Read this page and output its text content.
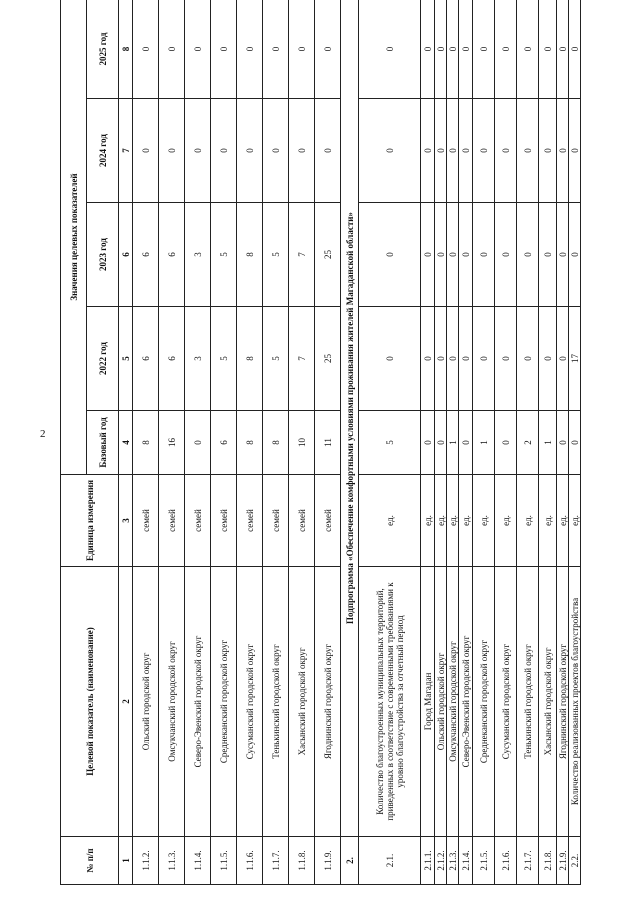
2
№ п/п	Целевой показатель (наименование)	Единица измерения	Значения целевых показателей				
			Базовый год	2022 год	2023 год	2024 год	2025 год
1	2	3	4	5	6	7	8
1.1.2.	Ольский городской округ	семей	8	6	6	0	0
1.1.3.	Омсукчанский городской округ	семей	16	6	6	0	0
1.1.4.	Северо-Эвенский городской округ	семей	0	3	3	0	0
1.1.5.	Среднеканский городской округ	семей	6	5	5	0	0
1.1.6.	Сусуманский городской округ	семей	8	8	8	0	0
1.1.7.	Тенькинский городской округ	семей	8	5	5	0	0
1.1.8.	Хасынский городской округ	семей	10	7	7	0	0
1.1.9.	Ягоднинский городской округ	семей	11	25	25	0	0
2.	Подпрограмма «Обеспечение комфортными условиями проживания жителей Магаданской области»						
2.1.	Количество благоустроенных муниципальных территорий, приведенных в соответствие с современными требованиями к уровню благоустройства за отчетный период	ед.	5	0	0	0	0
2.1.1.	Город Магадан	ед.	0	0	0	0	0
2.1.2.	Ольский городской округ	ед.	0	0	0	0	0
2.1.3.	Омсукчанский городской округ	ед.	1	0	0	0	0
2.1.4.	Северо-Эвенский городской округ	ед.	0	0	0	0	0
2.1.5.	Среднеканский городской округ	ед.	1	0	0	0	0
2.1.6.	Сусуманский городской округ	ед.	0	0	0	0	0
2.1.7.	Тенькинский городской округ	ед.	2	0	0	0	0
2.1.8.	Хасынский городской округ	ед.	1	0	0	0	0
2.1.9.	Ягоднинский городской округ	ед.	0	0	0	0	0
2.2.	Количество реализованных проектов благоустройства	ед.	0	17	0	0	0
